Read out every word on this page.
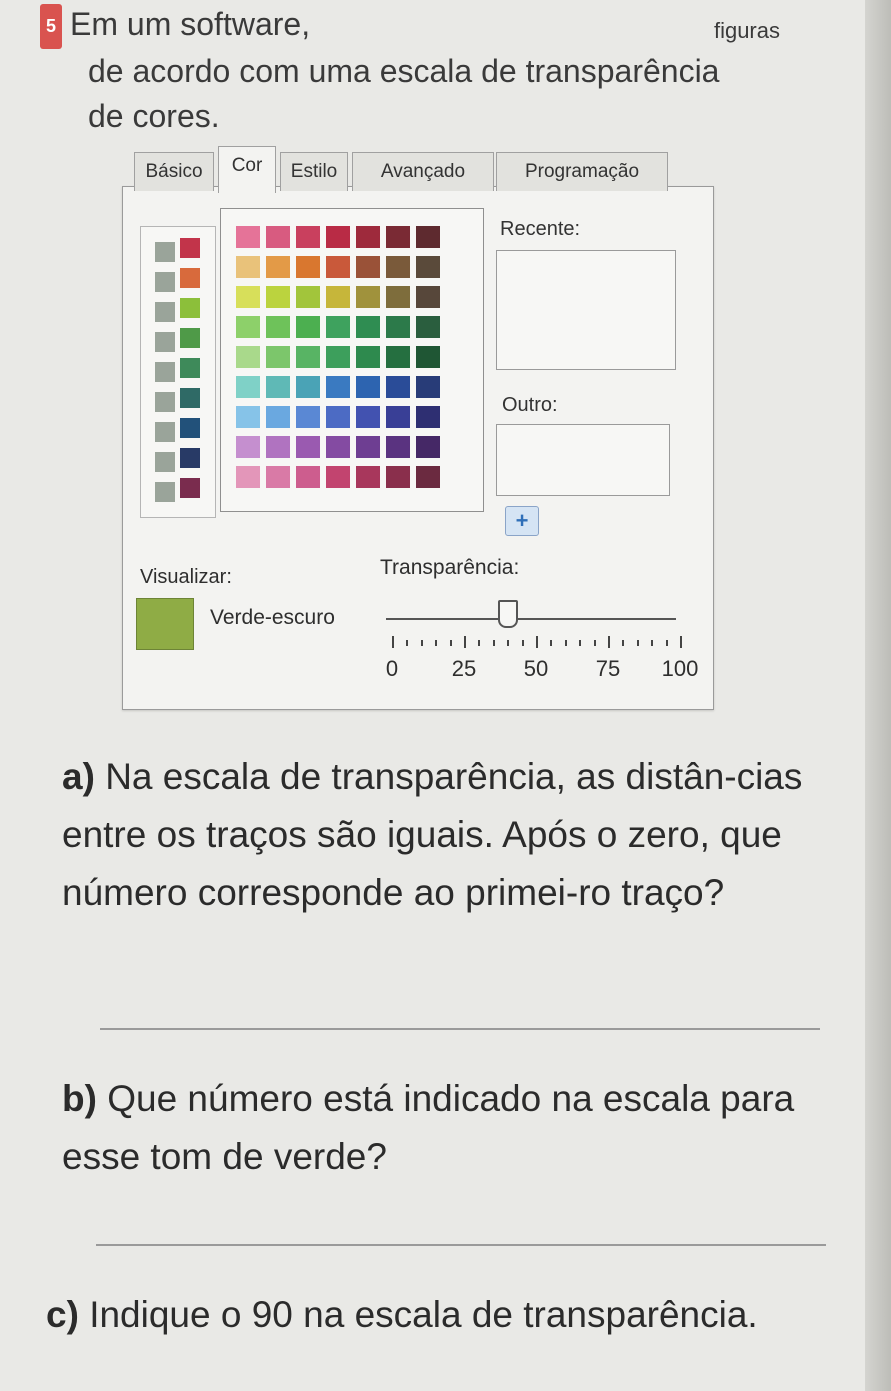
5 Em um software,	figuras
de acordo com uma escala de transparência
de cores.
Básico	Cor	Estilo	Avançado	Programação
Recente:
Outro:
+
Visualizar:
Verde-escuro
Transparência:
0	25	50	75	100
a) Na escala de transparência, as distân-cias entre os traços são iguais. Após o zero, que número corresponde ao primei-ro traço?
b) Que número está indicado na escala para esse tom de verde?
c) Indique o 90 na escala de transparência.
